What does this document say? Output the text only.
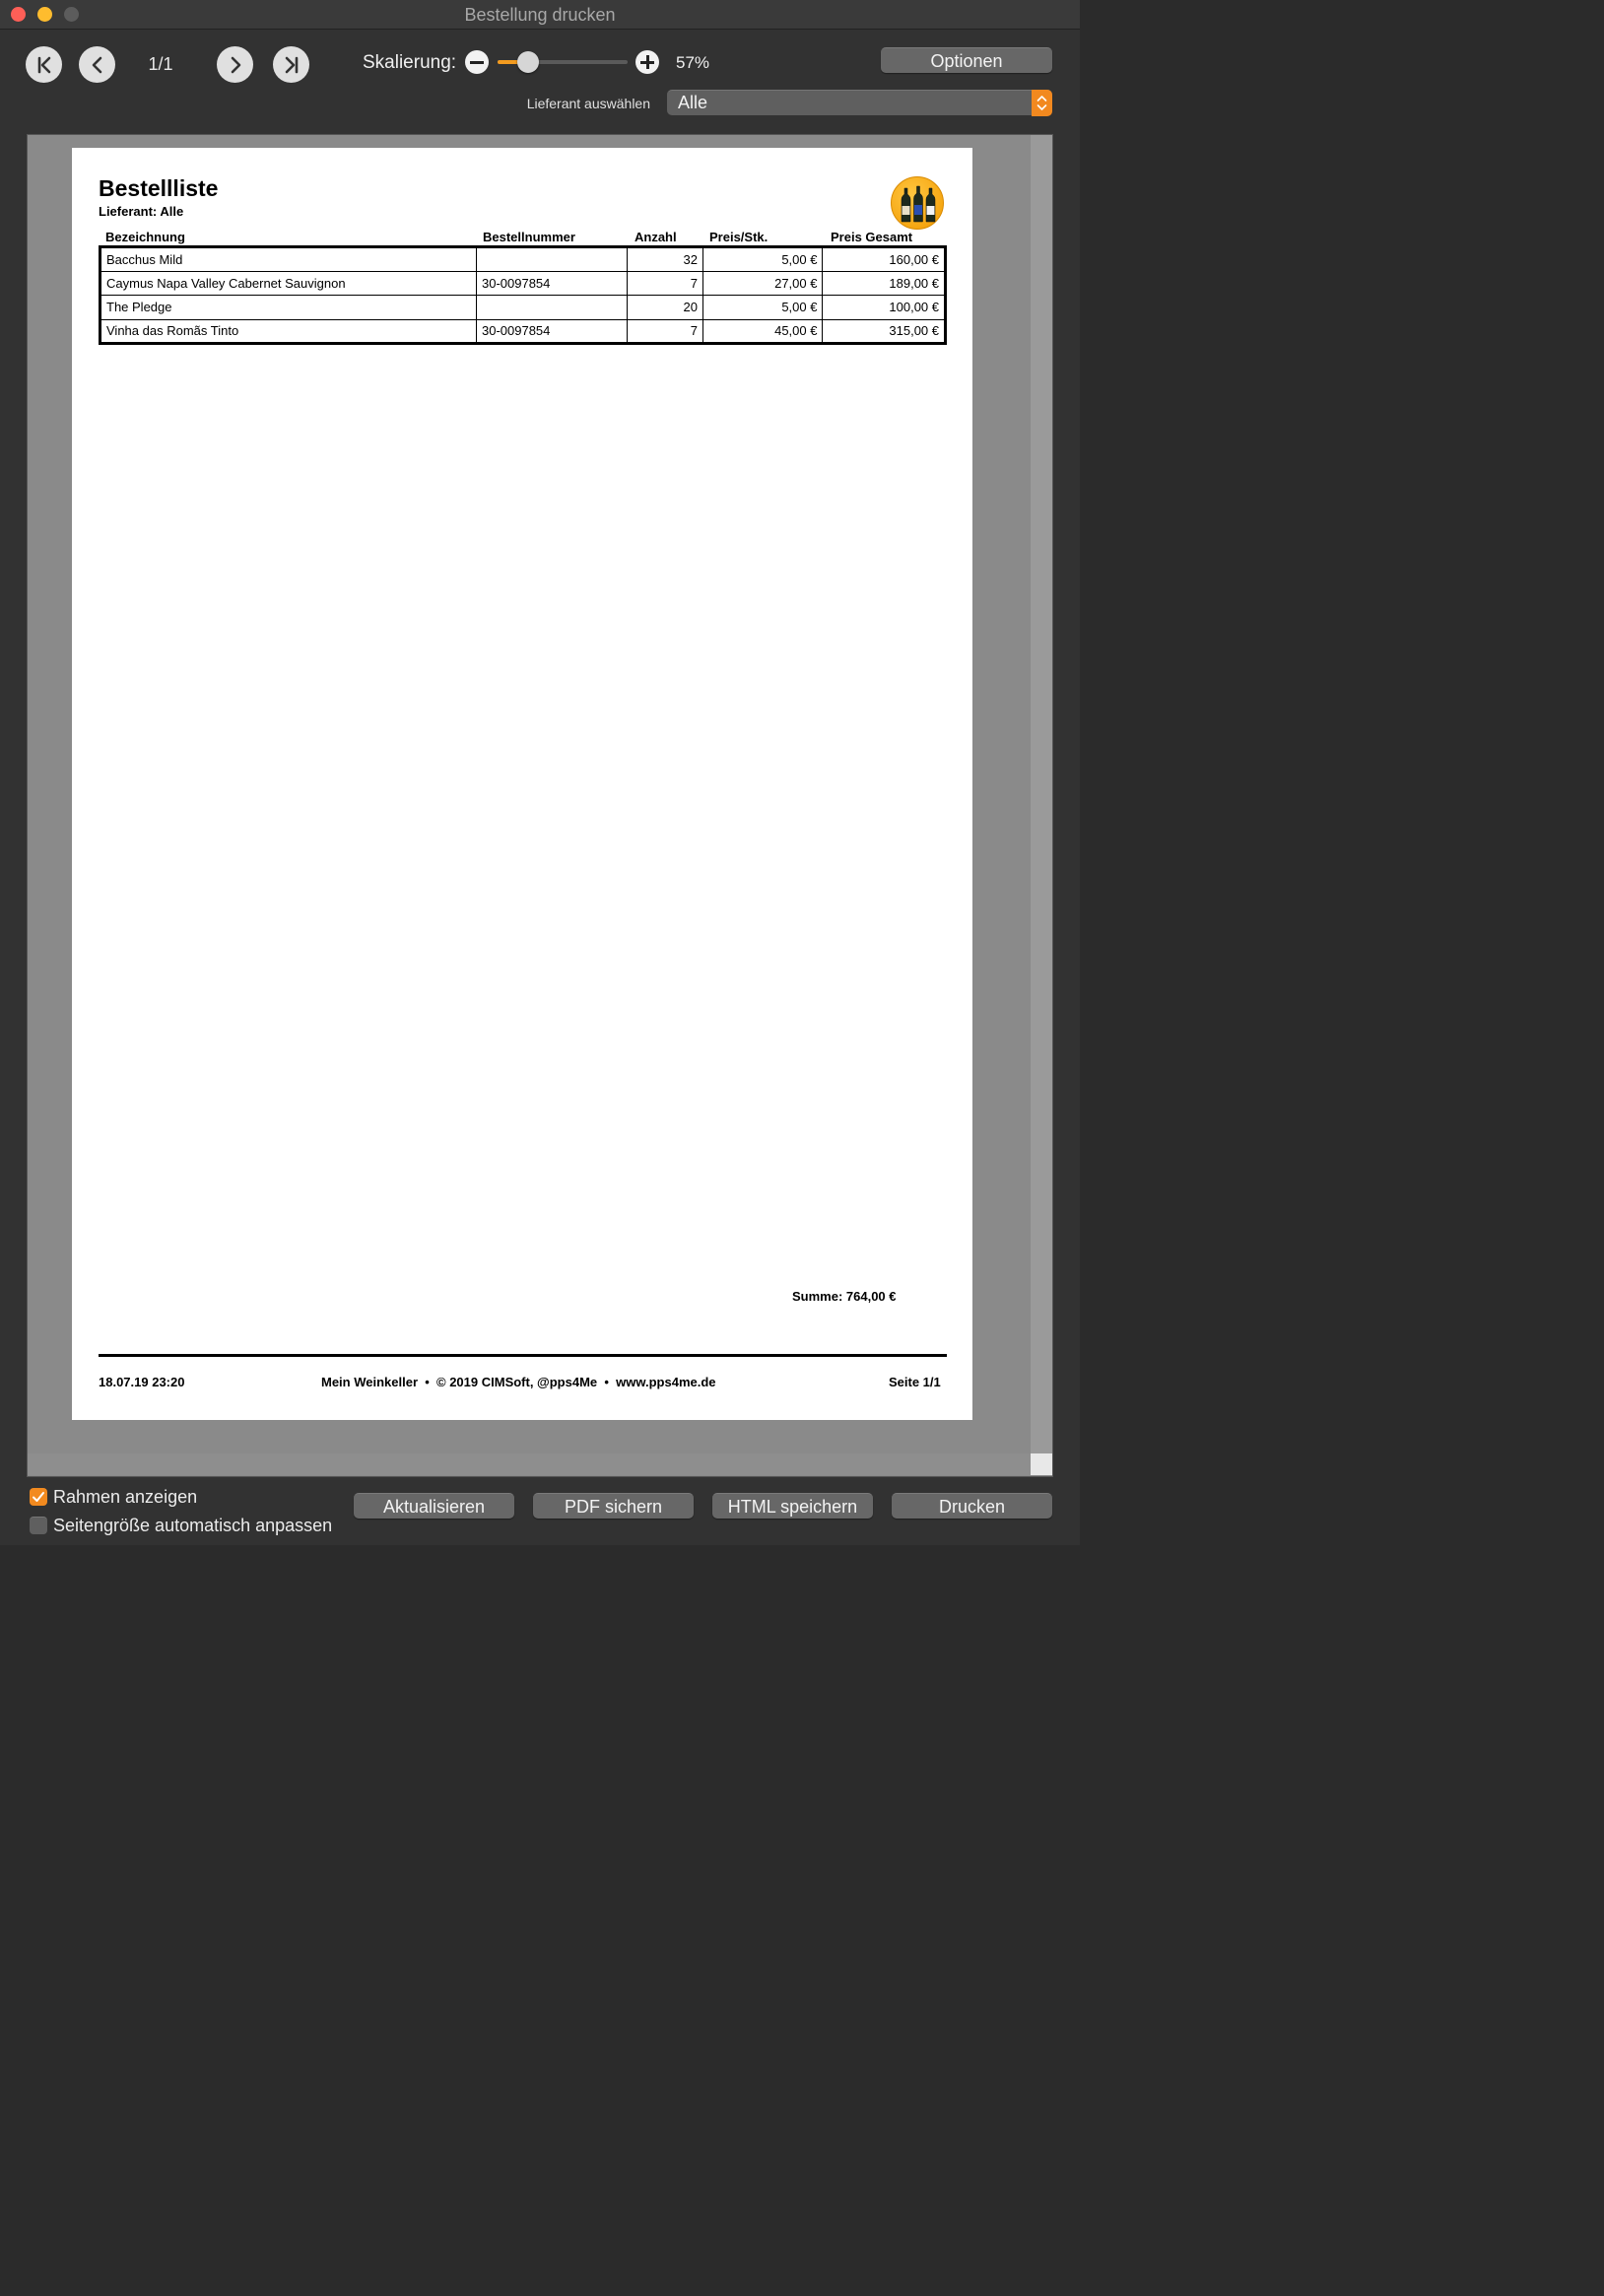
Bestellung drucken
1/1	Skalierung:	57%	Optionen
Lieferant auswählen Alle
Bestellliste
Lieferant: Alle
Bezeichnung	Bestellnummer	Anzahl	Preis/Stk.	Preis Gesamt
Bacchus Mild		32	5,00 €	160,00 €
Caymus Napa Valley Cabernet Sauvignon	30-0097854	7	27,00 €	189,00 €
The Pledge		20	5,00 €	100,00 €
Vinha das Romãs Tinto	30-0097854	7	45,00 €	315,00 €
Summe: 764,00 €
18.07.19 23:20	Mein Weinkeller  •  © 2019 CIMSoft, @pps4Me  •  www.pps4me.de	Seite 1/1
Rahmen anzeigen
Seitengröße automatisch anpassen
Aktualisieren	PDF sichern	HTML speichern	Drucken
